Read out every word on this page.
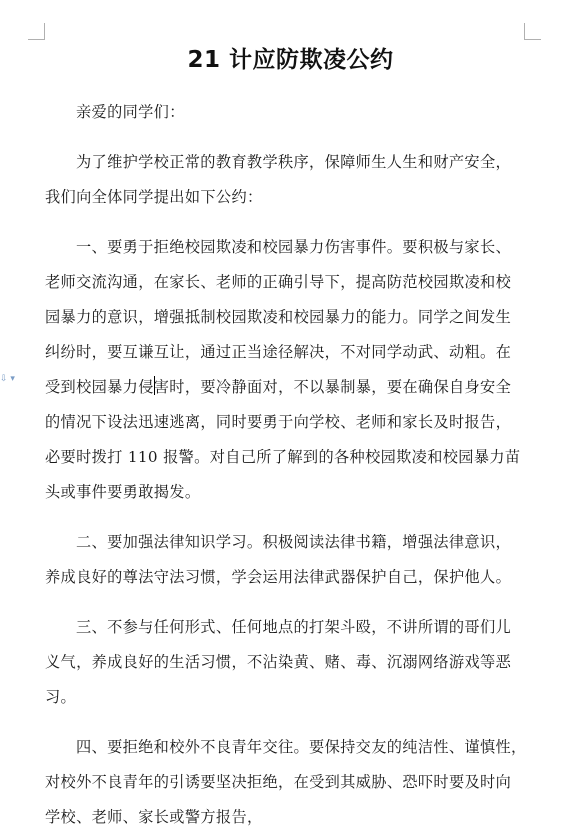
⇩ ▾
21 计应防欺凌公约
亲爱的同学们：
为了维护学校正常的教育教学秩序，保障师生人生和财产安全，
我们向全体同学提出如下公约：
一、要勇于拒绝校园欺凌和校园暴力伤害事件。要积极与家长、
老师交流沟通，在家长、老师的正确引导下，提高防范校园欺凌和校
园暴力的意识，增强抵制校园欺凌和校园暴力的能力。同学之间发生
纠纷时，要互谦互让，通过正当途径解决，不对同学动武、动粗。在
受到校园暴力侵害时，要冷静面对，不以暴制暴，要在确保自身安全
的情况下设法迅速逃离，同时要勇于向学校、老师和家长及时报告，
必要时拨打 110 报警。对自己所了解到的各种校园欺凌和校园暴力苗
头或事件要勇敢揭发。
二、要加强法律知识学习。积极阅读法律书籍，增强法律意识，
养成良好的尊法守法习惯，学会运用法律武器保护自己，保护他人。
三、不参与任何形式、任何地点的打架斗殴，不讲所谓的哥们儿
义气，养成良好的生活习惯，不沾染黄、赌、毒、沉溺网络游戏等恶
习。
四、要拒绝和校外不良青年交往。要保持交友的纯洁性、谨慎性，
对校外不良青年的引诱要坚决拒绝，在受到其威胁、恐吓时要及时向
学校、老师、家长或警方报告，
